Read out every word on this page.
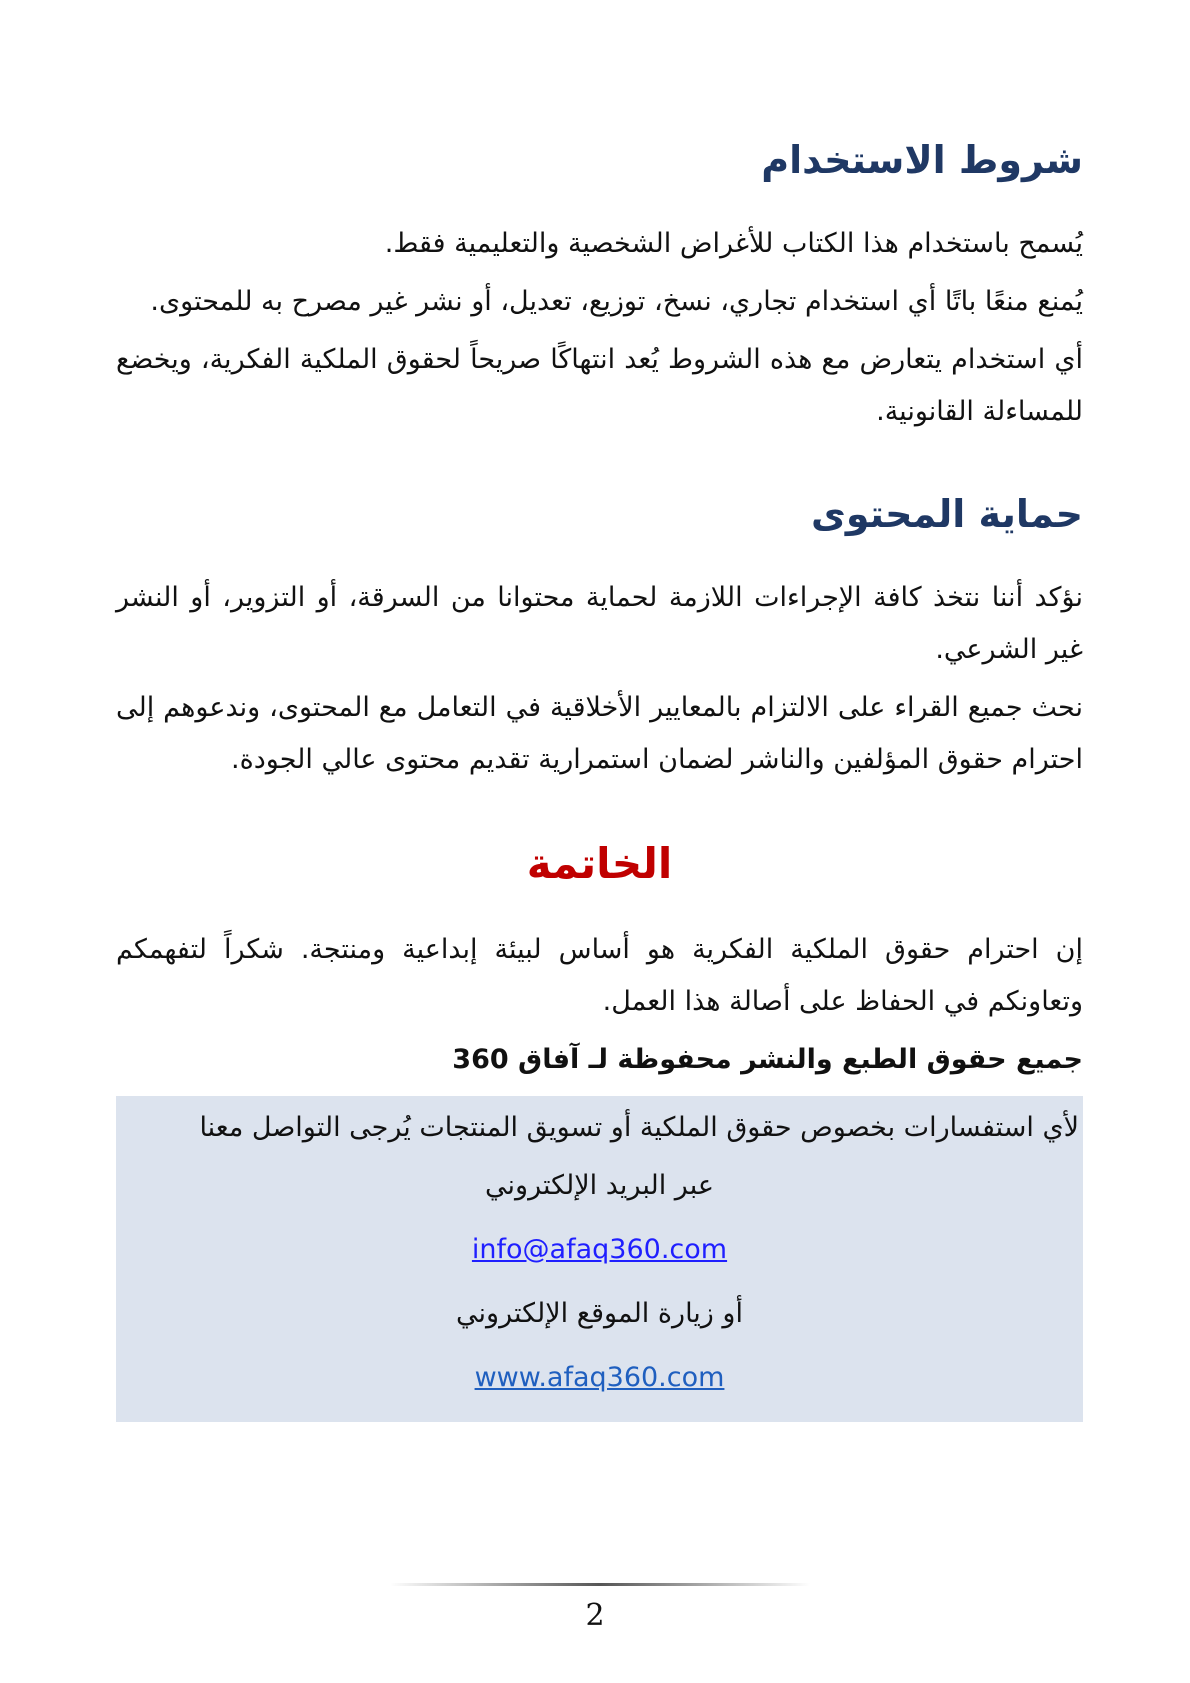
شروط الاستخدام

يُسمح باستخدام هذا الكتاب للأغراض الشخصية والتعليمية فقط.

يُمنع منعًا باتًا أي استخدام تجاري، نسخ، توزيع، تعديل، أو نشر غير مصرح به للمحتوى.

أي استخدام يتعارض مع هذه الشروط يُعد انتهاكًا صريحاً لحقوق الملكية الفكرية، ويخضع للمساءلة القانونية.

حماية المحتوى

نؤكد أننا نتخذ كافة الإجراءات اللازمة لحماية محتوانا من السرقة، أو التزوير، أو النشر غير الشرعي.

نحث جميع القراء على الالتزام بالمعايير الأخلاقية في التعامل مع المحتوى، وندعوهم إلى احترام حقوق المؤلفين والناشر لضمان استمرارية تقديم محتوى عالي الجودة.

الخاتمة

إن احترام حقوق الملكية الفكرية هو أساس لبيئة إبداعية ومنتجة. شكراً لتفهمكم وتعاونكم في الحفاظ على أصالة هذا العمل.

جميع حقوق الطبع والنشر محفوظة لـ آفاق 360

لأي استفسارات بخصوص حقوق الملكية أو تسويق المنتجات يُرجى التواصل معنا

عبر البريد الإلكتروني

info@afaq360.com

أو زيارة الموقع الإلكتروني

www.afaq360.com

2
